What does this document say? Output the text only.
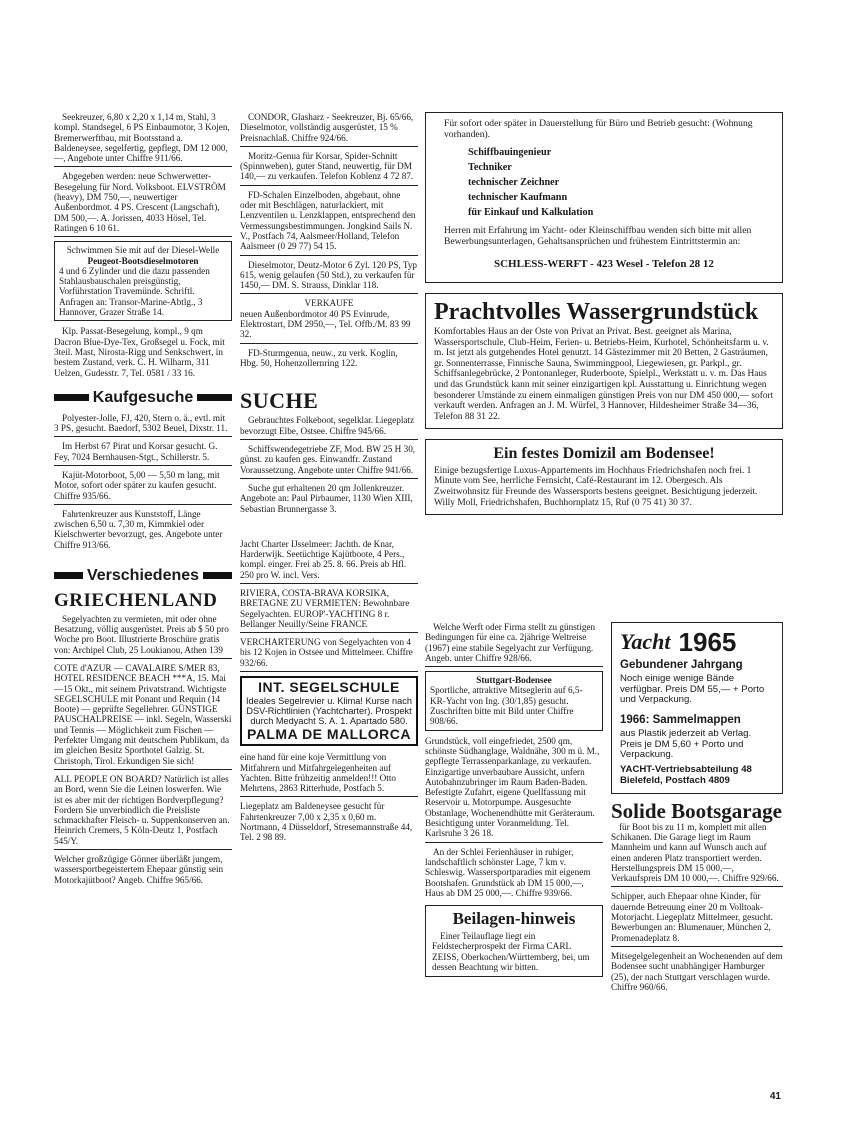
Seekreuzer, 6,80 x 2,20 x 1,14 m, Stahl, 3 kompl. Standsegel, 6 PS Einbaumotor, 3 Kojen, Bremerwerftbau, mit Bootsstand a. Baldeneysee, segelfertig, gepflegt, DM 12 000,—, Angebote unter Chiffre 911/66.

Abgegeben werden: neue Schwerwetter-Besegelung für Nord. Volksboot. ELVSTRÖM (heavy), DM 750,—, neuwertiger Außenbordmot. 4 PS. Crescent (Langschaft), DM 500,—. A. Jorissen, 4033 Hösel, Tel. Ratingen 6 10 61.

Schwimmen Sie mit auf der Diesel-Welle

Peugeot-Bootsdieselmotoren

4 und 6 Zylinder und die dazu passenden Stahlausbauschalen preisgünstig, Vorführstation Travemünde. Schriftl. Anfragen an: Transor-Marine-Abtlg., 3 Hannover, Grazer Straße 14.

Klp. Passat-Besegelung, kompl., 9 qm Dacron Blue-Dye-Tex, Großsegel u. Fock, mit 3teil. Mast, Nirosta-Rigg und Senkschwert, in bestem Zustand, verk. C. H. Wilharm, 311 Uelzen, Gudesstr. 7, Tel. 0581 / 33 16.

Kaufgesuche

Polyester-Jolle, FJ, 420, Stern o. ä., evtl. mit 3 PS, gesucht. Baedorf, 5302 Beuel, Dixstr. 11.

Im Herbst 67 Pirat und Korsar gesucht. G. Fey, 7024 Bernhausen-Stgt., Schillerstr. 5.

Kajüt-Motorboot, 5,00 — 5,50 m lang, mit Motor, sofort oder später zu kaufen gesucht. Chiffre 935/66.

Fahrtenkreuzer aus Kunststoff, Länge zwischen 6,50 u. 7,30 m, Kimmkiel oder Kielschwerter bevorzugt, ges. Angebote unter Chiffre 913/66.

Verschiedenes
GRIECHENLAND

Segelyachten zu vermieten, mit oder ohne Besatzung, völlig ausgerüstet. Preis ab $ 50 pro Woche pro Boot. Illustrierte Broschüre gratis von: Archipel Club, 25 Loukianou, Athen 139

COTE d'AZUR — CAVALAIRE S/MER 83, HOTEL RESIDENCE BEACH ***A, 15. Mai—15 Okt., mit seinem Privatstrand. Wichtigste SEGELSCHULE mit Ponant und Requin (14 Boote) — geprüfte Segellehrer. GÜNSTIGE PAUSCHALPREISE — inkl. Segeln, Wasserski und Tennis — Möglichkeit zum Fischen — Perfekter Umgang mit deutschem Publikum, da im gleichen Besitz Sporthotel Galzig. St. Christoph, Tirol. Erkundigen Sie sich!

ALL PEOPLE ON BOARD? Natürlich ist alles an Bord, wenn Sie die Leinen loswerfen. Wie ist es aber mit der richtigen Bordverpflegung? Fordern Sie unverbindlich die Preisliste schmackhafter Fleisch- u. Suppenkonserven an. Heinrich Cremers, 5 Köln-Deutz 1, Postfach 545/Y.

Welcher großzügige Gönner überläßt jungem, wassersportbegeistertem Ehepaar günstig sein Motorkajütboot? Angeb. Chiffre 965/66.

CONDOR, Glasharz - Seekreuzer, Bj. 65/66, Dieselmotor, vollständig ausgerüstet, 15 % Preisnachlaß. Chiffre 924/66.

Moritz-Genua für Korsar, Spider-Schnitt (Spinnweben), guter Stand, neuwertig, für DM 140,— zu verkaufen. Telefon Koblenz 4 72 87.

FD-Schalen Einzelboden, abgebaut, ohne oder mit Beschlägen, naturlackiert, mit Lenzventilen u. Lenzklappen, entsprechend den Vermessungsbestimmungen. Jongkind Sails N. V., Postfach 74, Aalsmeer/Holland, Telefon Aalsmeer (0 29 77) 54 15.

Dieselmotor, Deutz-Motor 6 Zyl. 120 PS, Typ 615, wenig gelaufen (50 Std.), zu verkaufen für 1450,— DM. S. Strauss, Dinklar 118.

VERKAUFE

neuen Außenbordmotor 40 PS Evinrude, Elektrostart, DM 2950,—, Tel. Offb./M. 83 99 32.

FD-Sturmgenua, neuw., zu verk. Koglin, Hbg. 50, Hohenzollernring 122.

SUCHE

Gebrauchtes Folkeboot, segelklar. Liegeplatz bevorzugt Elbe, Ostsee. Chiffre 945/66.

Schiffswendegetriebe ZF, Mod. BW 25 H 30, günst. zu kaufen ges. Einwandfr. Zustand Voraussetzung. Angebote unter Chiffre 941/66.

Suche gut erhaltenen 20 qm Jollenkreuzer. Angebote an: Paul Pirbaumer, 1130 Wien XIII, Sebastian Brunnergasse 3.

Jacht Charter IJsselmeer: Jachth. de Knar, Harderwijk. Seetüchtige Kajütboote, 4 Pers., kompl. einger. Frei ab 25. 8. 66. Preis ab Hfl. 250 pro W. incl. Vers.

RIVIERA, COSTA-BRAVA KORSIKA, BRETAGNE ZU VERMIETEN: Bewohnbare Segelyachten. EUROP'-YACHTING 8 r. Bellanger Neuilly/Seine FRANCE

VERCHARTERUNG von Segelyachten von 4 bis 12 Kojen in Ostsee und Mittelmeer. Chiffre 932/66.

INT. SEGELSCHULE

Ideales Segelrevier u. Klima! Kurse nach DSV-Richtlinien (Yachtcharter). Prospekt durch Medyacht S. A. 1. Apartado 580.

PALMA DE MALLORCA

eine hand für eine koje Vermittlung von Mitfahrern und Mitfahrgelegenheiten auf Yachten. Bitte frühzeitig anmelden!!! Otto Mehrtens, 2863 Ritterhude, Postfach 5.

Liegeplatz am Baldeneysee gesucht für Fahrtenkreuzer 7,00 x 2,35 x 0,60 m. Nortmann, 4 Düsseldorf, Stresemannstraße 44, Tel. 2 98 89.

Für sofort oder später in Dauerstellung für Büro und Betrieb gesucht: (Wohnung vorhanden).

Schiffbauingenieur
Techniker
technischer Zeichner
technischer Kaufmann
für Einkauf und Kalkulation

Herren mit Erfahrung im Yacht- oder Kleinschiffbau wenden sich bitte mit allen Bewerbungsunterlagen, Gehaltsansprüchen und frühestem Eintrittstermin an:

SCHLESS-WERFT - 423 Wesel - Telefon 28 12

Prachtvolles Wassergrundstück

Komfortables Haus an der Oste von Privat an Privat. Best. geeignet als Marina, Wassersportschule, Club-Heim, Ferien- u. Betriebs-Heim, Kurhotel, Schönheitsfarm u. v. m. Ist jetzt als gutgehendes Hotel genutzt. 14 Gästezimmer mit 20 Betten, 2 Gasträumen, gr. Sonnenterrasse, Finnische Sauna, Swimmingpool, Liegewiesen, gr. Parkpl., gr. Schiffsanlegebrücke, 2 Pontonanleger, Ruderboote, Spielpl., Werkstatt u. v. m. Das Haus und das Grundstück kann mit seiner einzigartigen kpl. Ausstattung u. Einrichtung wegen besonderer Umstände zu einem einmaligen günstigen Preis von nur DM 450 000,— sofort verkauft werden. Anfragen an J. M. Würfel, 3 Hannover, Hildesheimer Straße 34—36, Telefon 88 31 22.

Ein festes Domizil am Bodensee!

Einige bezugsfertige Luxus-Appartements im Hochhaus Friedrichshafen noch frei. 1 Minute vom See, herrliche Fernsicht, Café-Restaurant im 12. Obergesch. Als Zweitwohnsitz für Freunde des Wassersports bestens geeignet. Besichtigung jederzeit. Willy Moll, Friedrichshafen, Buchhornplatz 15, Ruf (0 75 41) 30 37.

Welche Werft oder Firma stellt zu günstigen Bedingungen für eine ca. 2jährige Weltreise (1967) eine stabile Segelyacht zur Verfügung. Angeb. unter Chiffre 928/66.

Stuttgart-Bodensee

Sportliche, attraktive Mitseglerin auf 6,5-KR-Yacht von Ing. (30/1,85) gesucht. Zuschriften bitte mit Bild unter Chiffre 908/66.

Grundstück, voll eingefriedet, 2500 qm, schönste Südhanglage, Waldnähe, 300 m ü. M., gepflegte Terrassenparkanlage, zu verkaufen. Einzigartige unverbaubare Aussicht, unfern Autobahnzubringer im Raum Baden-Baden. Befestigte Zufahrt, eigene Quellfassung mit Reservoir u. Motorpumpe. Ausgesuchte Obstanlage, Wochenendhütte mit Geräteraum. Besichtigung unter Voranmeldung. Tel. Karlsruhe 3 26 18.

An der Schlei Ferienhäuser in ruhiger, landschaftlich schönster Lage, 7 km v. Schleswig. Wassersportparadies mit eigenem Bootshafen. Grundstück ab DM 15 000,—, Haus ab DM 25 000,—. Chiffre 939/66.

Beilagen-hinweis

Einer Teilauflage liegt ein Feldstecherprospekt der Firma CARL ZEISS, Oberkochen/Württemberg, bei, um dessen Beachtung wir bitten.

Yacht 1965
Gebundener Jahrgang

Noch einige wenige Bände verfügbar. Preis DM 55,— + Porto und Verpackung.

1966: Sammelmappen

aus Plastik jederzeit ab Verlag. Preis je DM 5,60 + Porto und Verpackung.

YACHT-Vertriebsabteilung 48 Bielefeld, Postfach 4809

Solide Bootsgarage

für Boot bis zu 11 m, komplett mit allen Schikanen. Die Garage liegt im Raum Mannheim und kann auf Wunsch auch auf einen anderen Platz transportiert werden. Herstellungspreis DM 15 000,—, Verkaufspreis DM 10 000,—. Chiffre 929/66.

Schipper, auch Ehepaar ohne Kinder, für dauernde Betreuung einer 20 m Volltoak-Motorjacht. Liegeplatz Mittelmeer, gesucht. Bewerbungen an: Blumenauer, München 2, Promenadeplatz 8.

Mitsegelgelegenheit an Wochenenden auf dem Bodensee sucht unabhängiger Hamburger (25), der nach Stuttgart verschlagen wurde. Chiffre 960/66.

41
